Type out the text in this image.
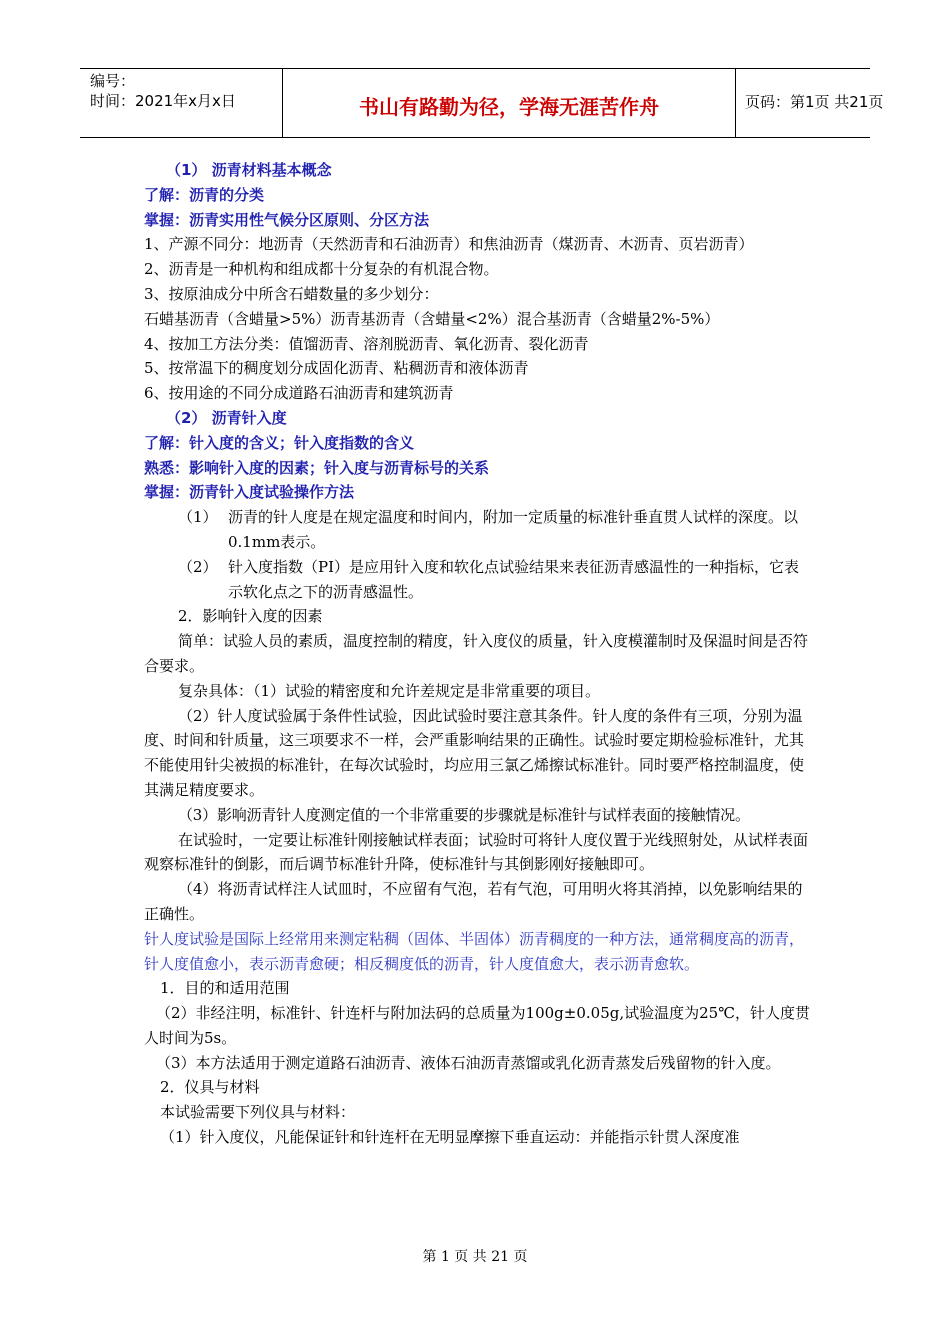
编号：
时间：2021年x月x日	书山有路勤为径，学海无涯苦作舟	页码：第1页 共21页

（1） 沥青材料基本概念

了解：沥青的分类

掌握：沥青实用性气候分区原则、分区方法

1、产源不同分：地沥青（天然沥青和石油沥青）和焦油沥青（煤沥青、木沥青、页岩沥青）

2、沥青是一种机构和组成都十分复杂的有机混合物。

3、按原油成分中所含石蜡数量的多少划分：

石蜡基沥青（含蜡量>5%）沥青基沥青（含蜡量<2%）混合基沥青（含蜡量2%-5%）

4、按加工方法分类：值馏沥青、溶剂脱沥青、氧化沥青、裂化沥青

5、按常温下的稠度划分成固化沥青、粘稠沥青和液体沥青

6、按用途的不同分成道路石油沥青和建筑沥青

（2） 沥青针入度

了解：针入度的含义；针入度指数的含义

熟悉：影响针入度的因素；针入度与沥青标号的关系

掌握：沥青针入度试验操作方法

（1） 沥青的针人度是在规定温度和时间内，附加一定质量的标准针垂直贯人试样的深度。以0.1mm表示。

（2） 针入度指数（PI）是应用针入度和软化点试验结果来表征沥青感温性的一种指标，它表示软化点之下的沥青感温性。

2．影响针入度的因素

简单：试验人员的素质，温度控制的精度，针入度仪的质量，针入度模灌制时及保温时间是否符合要求。

复杂具体：（1）试验的精密度和允许差规定是非常重要的项目。

（2）针人度试验属于条件性试验，因此试验时要注意其条件。针人度的条件有三项，分别为温度、时间和针质量，这三项要求不一样，会严重影响结果的正确性。试验时要定期检验标准针，尤其不能使用针尖被损的标准针，在每次试验时，均应用三氯乙烯擦试标准针。同时要严格控制温度，使其满足精度要求。

（3）影响沥青针人度测定值的一个非常重要的步骤就是标准针与试样表面的接触情况。

在试验时，一定要让标准针刚接触试样表面；试验时可将针人度仪置于光线照射处，从试样表面观察标准针的倒影，而后调节标准针升降，使标准针与其倒影刚好接触即可。

（4）将沥青试样注人试皿时，不应留有气泡，若有气泡，可用明火将其消掉，以免影响结果的正确性。

针人度试验是国际上经常用来测定粘稠（固体、半固体）沥青稠度的一种方法，通常稠度高的沥青，针人度值愈小，表示沥青愈硬；相反稠度低的沥青，针人度值愈大，表示沥青愈软。

1．目的和适用范围

（2）非经注明，标准针、针连杆与附加法码的总质量为100g±0.05g,试验温度为25℃，针人度贯人时间为5s。

（3）本方法适用于测定道路石油沥青、液体石油沥青蒸馏或乳化沥青蒸发后残留物的针入度。

2．仪具与材料

本试验需要下列仪具与材料：

（1）针入度仪，凡能保证针和针连杆在无明显摩擦下垂直运动：并能指示针贯人深度准

第 1 页 共 21 页
